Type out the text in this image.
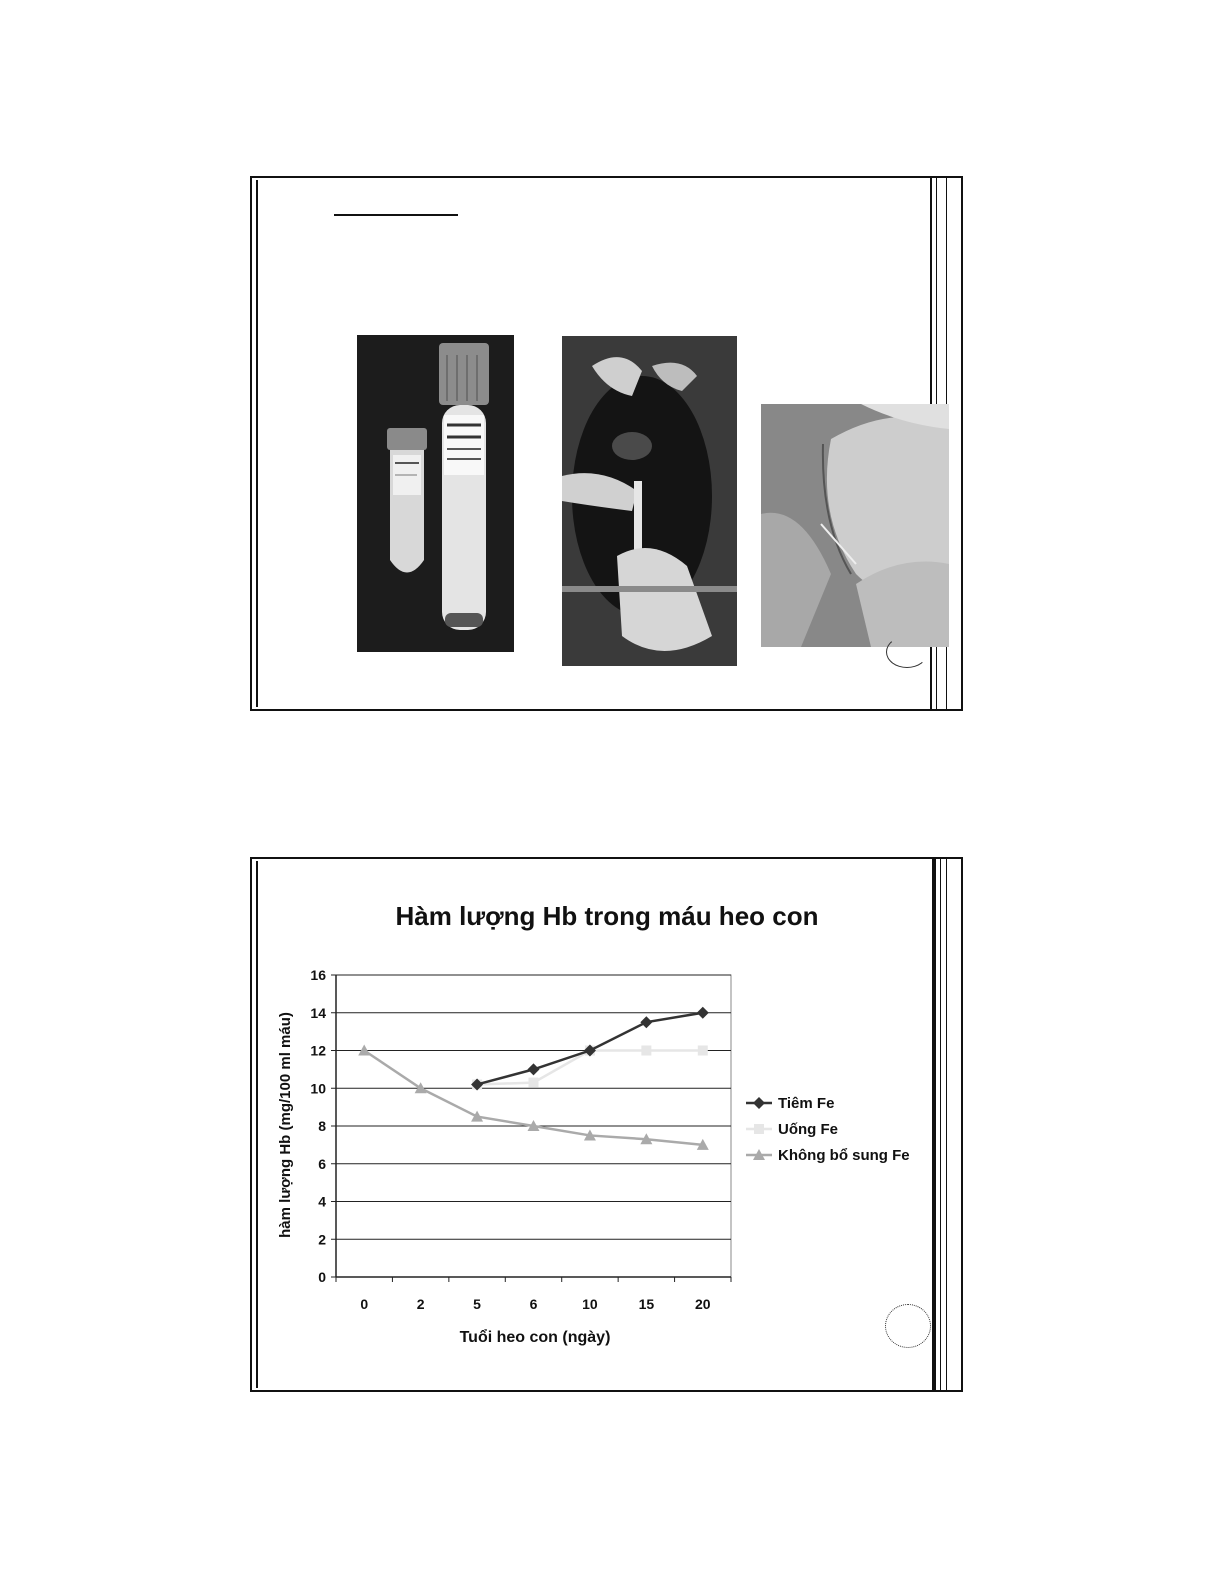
Hàm lượng Hb trong máu heo con
0
2
4
6
8
10
12
14
16
0	2	5	6	10	15	20
Tuổi heo con (ngày)
hàm lượng Hb (mg/100 ml máu)	Tiêm Fe
Uống Fe
Không bổ sung Fe
